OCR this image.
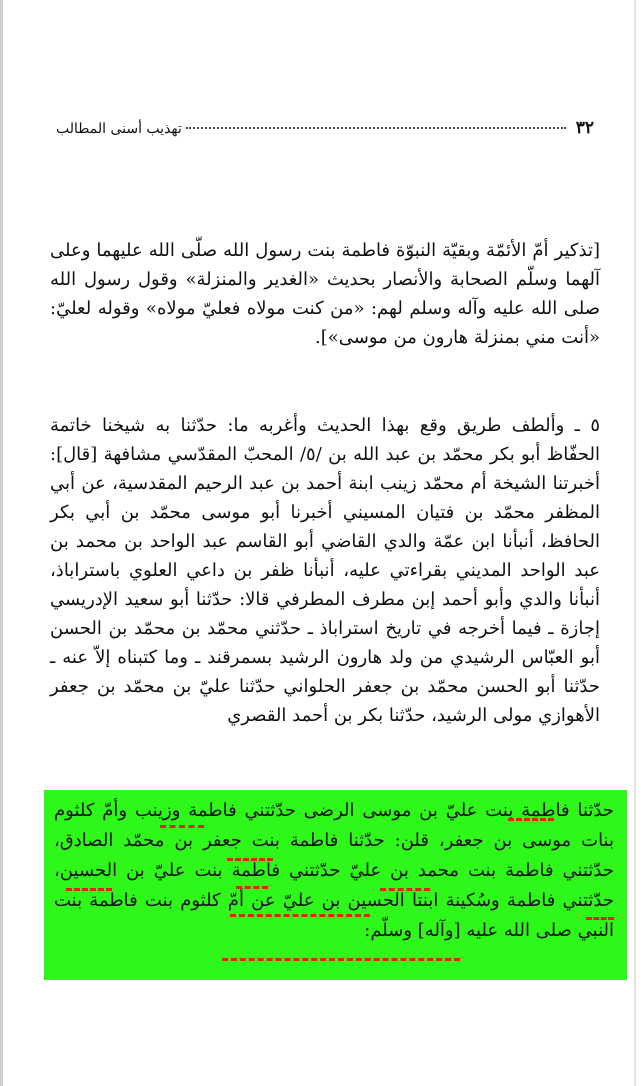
٣٢
تهذيب أسنى المطالب

[تذكير أمّ الأئمّة وبقيّة النبوّة فاطمة بنت رسول الله صلّى الله عليهما وعلى آلهما وسلّم الصحابة والأنصار بحديث «الغدير والمنزلة» وقول رسول الله صلى الله عليه وآله وسلم لهم: «من كنت مولاه فعليّ مولاه» وقوله لعليّ: «أنت مني بمنزلة هارون من موسى»].

٥ ـ وألطف طريق وقع بهذا الحديث وأغربه ما: حدّثنا به شيخنا خاتمة الحفّاظ أبو بكر محمّد بن عبد الله بن /٥/ المحبّ المقدّسي مشافهة [قال]: أخبرتنا الشيخة أم محمّد زينب ابنة أحمد بن عبد الرحيم المقدسية، عن أبي المظفر محمّد بن فتيان المسيني أخبرنا أبو موسى محمّد بن أبي بكر الحافظ، أنبأنا ابن عمّة والدي القاضي أبو القاسم عبد الواحد بن محمد بن عبد الواحد المديني بقراءتي عليه، أنبأنا ظفر بن داعي العلوي باستراباذ، أنبأنا والدي وأبو أحمد إبن مطرف المطرفي قالا: حدّثنا أبو سعيد الإدريسي إجازة ـ فيما أخرجه في تاريخ استراباذ ـ حدّثني محمّد بن محمّد بن الحسن أبو العبّاس الرشيدي من ولد هارون الرشيد بسمرقند ـ وما كتبناه إلاّ عنه ـ حدّثنا أبو الحسن محمّد بن جعفر الحلواني حدّثنا عليّ بن محمّد بن جعفر الأهوازي مولى الرشيد، حدّثنا بكر بن أحمد القصري

حدّثنا فاطمة بنت عليّ بن موسى الرضى حدّثتني فاطمة وزينب وأمّ كلثوم بنات موسى بن جعفر، قلن: حدّثنا فاطمة بنت جعفر بن محمّد الصادق، حدّثتني فاطمة بنت محمد بن عليّ حدّثتني فاطمة بنت عليّ بن الحسين، حدّثتني فاطمة وسُكينة ابنتا الحسين بن عليّ عن أمّ كلثوم بنت فاطمة بنت النبي صلى الله عليه [وآله] وسلّم:
